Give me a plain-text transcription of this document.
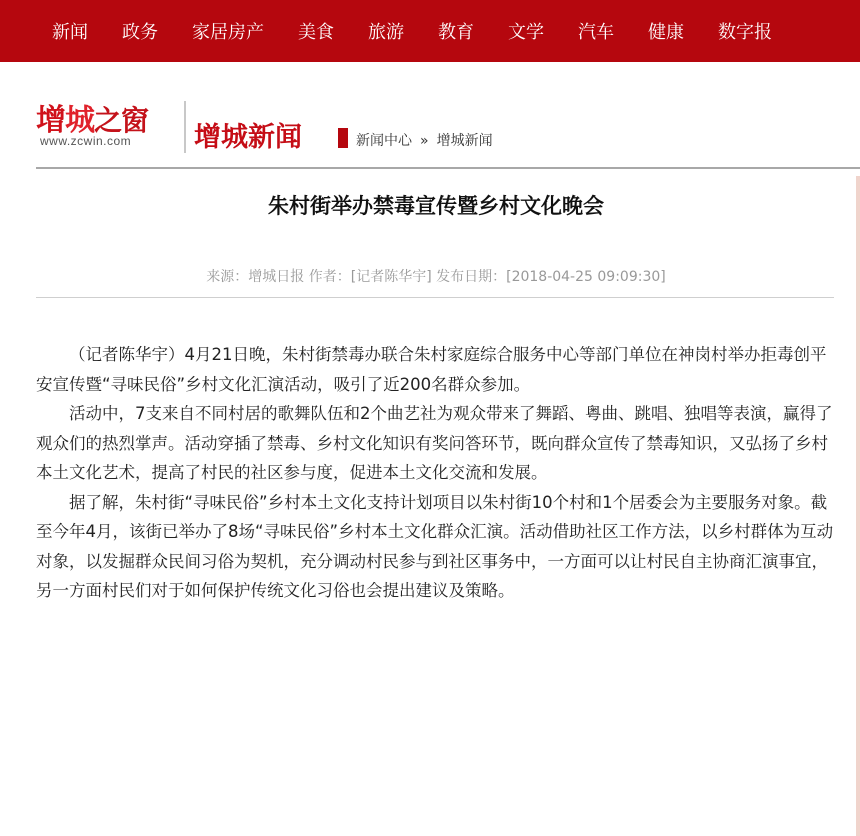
新闻 政务 家居房产 美食 旅游 教育 文学 汽车 健康 数字报
增城之窗
www.zcwin.com 增城新闻	新闻中心 » 增城新闻
朱村街举办禁毒宣传暨乡村文化晚会
来源：增城日报 作者：[记者陈华宇] 发布日期：[2018-04-25 09:09:30]

（记者陈华宇）4月21日晚，朱村街禁毒办联合朱村家庭综合服务中心等部门单位在神岗村举办拒毒创平安宣传暨“寻味民俗”乡村文化汇演活动，吸引了近200名群众参加。

活动中，7支来自不同村居的歌舞队伍和2个曲艺社为观众带来了舞蹈、粤曲、跳唱、独唱等表演，赢得了观众们的热烈掌声。活动穿插了禁毒、乡村文化知识有奖问答环节，既向群众宣传了禁毒知识，又弘扬了乡村本土文化艺术，提高了村民的社区参与度，促进本土文化交流和发展。

据了解，朱村街“寻味民俗”乡村本土文化支持计划项目以朱村街10个村和1个居委会为主要服务对象。截至今年4月，该街已举办了8场“寻味民俗”乡村本土文化群众汇演。活动借助社区工作方法，以乡村群体为互动对象，以发掘群众民间习俗为契机，充分调动村民参与到社区事务中，一方面可以让村民自主协商汇演事宜，另一方面村民们对于如何保护传统文化习俗也会提出建议及策略。
